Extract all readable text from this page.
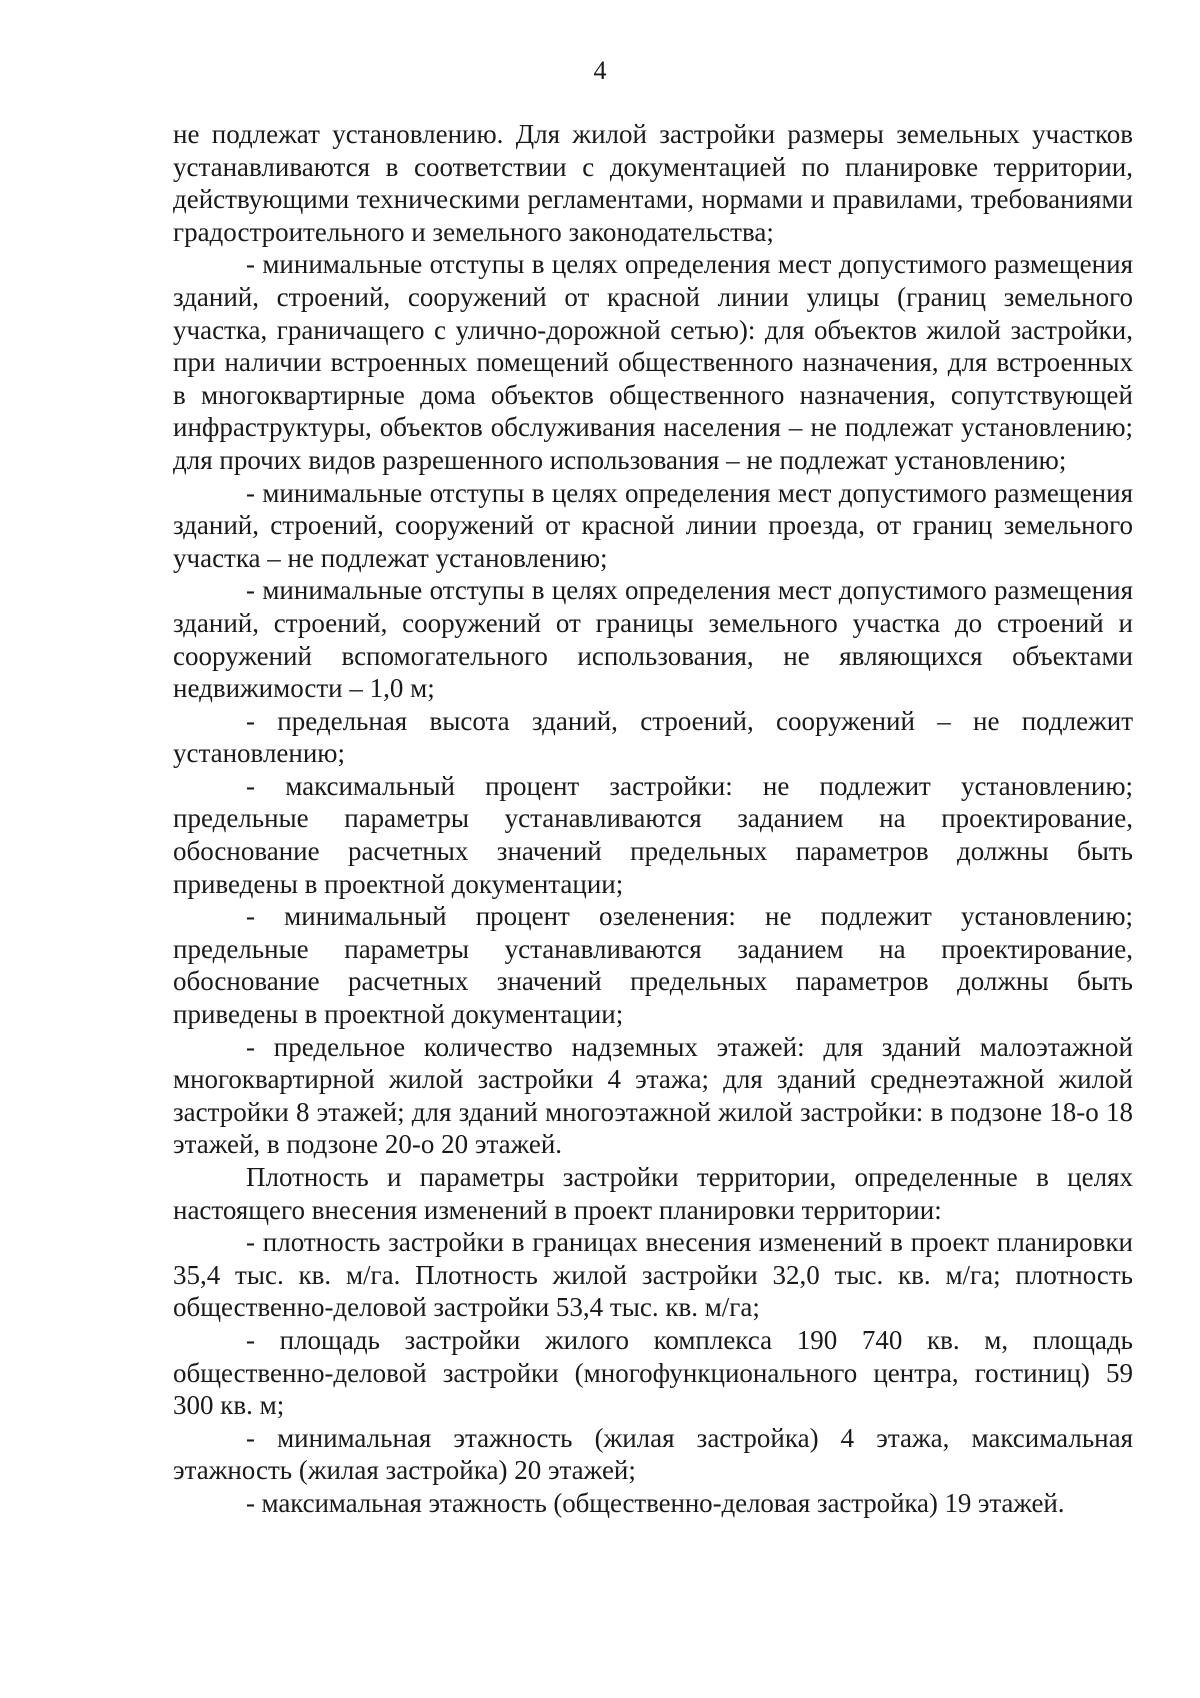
4

не подлежат установлению. Для жилой застройки размеры земельных участков устанавливаются в соответствии с документацией по планировке территории, действующими техническими регламентами, нормами и правилами, требованиями градостроительного и земельного законодательства;

- минимальные отступы в целях определения мест допустимого размещения зданий, строений, сооружений от красной линии улицы (границ земельного участка, граничащего с улично-дорожной сетью): для объектов жилой застройки, при наличии встроенных помещений общественного назначения, для встроенных в многоквартирные дома объектов общественного назначения, сопутствующей инфраструктуры, объектов обслуживания населения – не подлежат установлению; для прочих видов разрешенного использования – не подлежат установлению;

- минимальные отступы в целях определения мест допустимого размещения зданий, строений, сооружений от красной линии проезда, от границ земельного участка – не подлежат установлению;

- минимальные отступы в целях определения мест допустимого размещения зданий, строений, сооружений от границы земельного участка до строений и сооружений вспомогательного использования, не являющихся объектами недвижимости – 1,0 м;

- предельная высота зданий, строений, сооружений – не подлежит установлению;

- максимальный процент застройки: не подлежит установлению; предельные параметры устанавливаются заданием на проектирование, обоснование расчетных значений предельных параметров должны быть приведены в проектной документации;

- минимальный процент озеленения: не подлежит установлению; предельные параметры устанавливаются заданием на проектирование, обоснование расчетных значений предельных параметров должны быть приведены в проектной документации;

- предельное количество надземных этажей: для зданий малоэтажной многоквартирной жилой застройки 4 этажа; для зданий среднеэтажной жилой застройки 8 этажей; для зданий многоэтажной жилой застройки: в подзоне 18-о 18 этажей, в подзоне 20-о 20 этажей.

Плотность и параметры застройки территории, определенные в целях настоящего внесения изменений в проект планировки территории:

- плотность застройки в границах внесения изменений в проект планировки 35,4 тыс. кв. м/га. Плотность жилой застройки 32,0 тыс. кв. м/га; плотность общественно-деловой застройки 53,4 тыс. кв. м/га;

- площадь застройки жилого комплекса 190 740 кв. м, площадь общественно-деловой застройки (многофункционального центра, гостиниц) 59 300 кв. м;

- минимальная этажность (жилая застройка) 4 этажа, максимальная этажность (жилая застройка) 20 этажей;

- максимальная этажность (общественно-деловая застройка) 19 этажей.
